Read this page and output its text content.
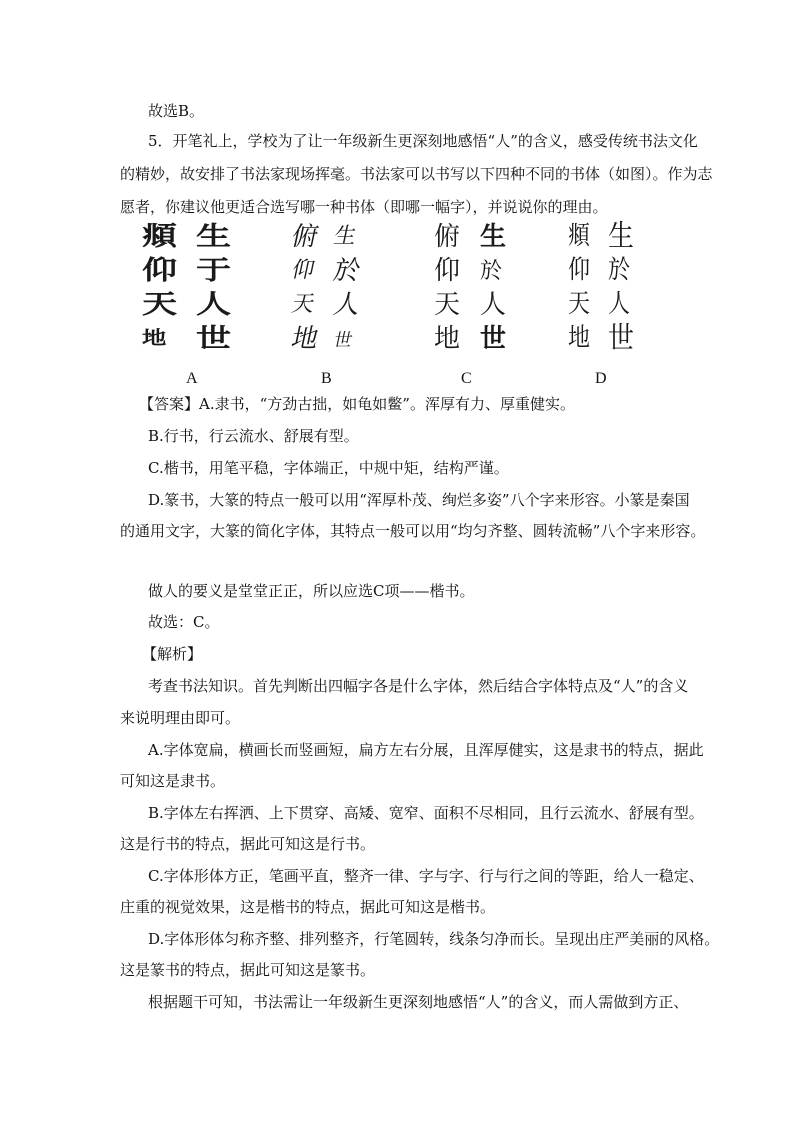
故选B。
5．开笔礼上，学校为了让一年级新生更深刻地感悟“人”的含义，感受传统书法文化
的精妙，故安排了书法家现场挥毫。书法家可以书写以下四种不同的书体（如图）。作为志
愿者，你建议他更适合选写哪一种书体（即哪一幅字），并说说你的理由。
頫 生
仰 于
天 人
地 世
俯 生
仰 於
天 人
地 世
俯 生
仰 於
天 人
地 世
頫 生
仰 於
天 人
地 世
A	B	C	D
【答案】A.隶书，“方劲古拙，如龟如鳖”。浑厚有力、厚重健实。
B.行书，行云流水、舒展有型。
C.楷书，用笔平稳，字体端正，中规中矩，结构严谨。
D.篆书，大篆的特点一般可以用“浑厚朴茂、绚烂多姿”八个字来形容。小篆是秦国
的通用文字，大篆的简化字体，其特点一般可以用“均匀齐整、圆转流畅”八个字来形容。
做人的要义是堂堂正正，所以应选C项——楷书。
故选：C。
【解析】
考查书法知识。首先判断出四幅字各是什么字体，然后结合字体特点及“人”的含义
来说明理由即可。
A.字体宽扁，横画长而竖画短，扁方左右分展，且浑厚健实，这是隶书的特点，据此
可知这是隶书。
B.字体左右挥洒、上下贯穿、高矮、宽窄、面积不尽相同，且行云流水、舒展有型。
这是行书的特点，据此可知这是行书。
C.字体形体方正，笔画平直，整齐一律、字与字、行与行之间的等距，给人一稳定、
庄重的视觉效果，这是楷书的特点，据此可知这是楷书。
D.字体形体匀称齐整、排列整齐，行笔圆转，线条匀净而长。呈现出庄严美丽的风格。
这是篆书的特点，据此可知这是篆书。
根据题干可知，书法需让一年级新生更深刻地感悟“人”的含义，而人需做到方正、
